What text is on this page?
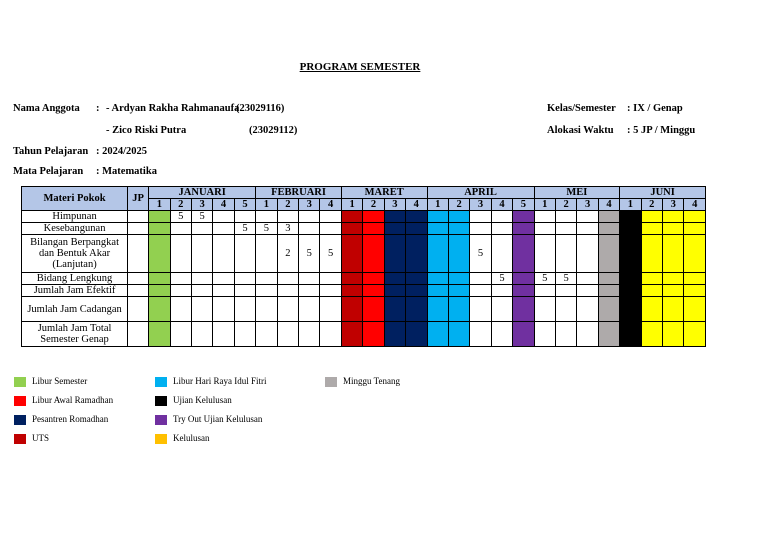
PROGRAM SEMESTER
Nama Anggota : - Ardyan Rakha Rahmanaufa
(23029116)
- Zico Riski Putra	(23029112)
Tahun Pelajaran : 2024/2025
Mata Pelajaran : Matematika
Kelas/Semester : IX / Genap
Alokasi Waktu : 5 JP / Minggu
Materi Pokok	JP	JANUARI					FEBRUARI				MARET				APRIL					MEI				JUNI			
		1	2	3	4	5	1	2	3	4	1	2	3	4	1	2	3	4	5	1	2	3	4	1	2	3	4
Himpunan			5	5																							
Kesebangunan						5	5	3																			
Bilangan Berpangkat dan Bentuk Akar (Lanjutan)								2	5	5							5										
Bidang Lengkung																		5		5	5						
Jumlah Jam Efektif																											
Jumlah Jam Cadangan																											
Jumlah Jam Total Semester Genap																											
Libur Semester
Libur Awal Ramadhan
Pesantren Romadhan
UTS
Libur Hari Raya Idul Fitri
Ujian Kelulusan
Try Out Ujian Kelulusan
Kelulusan
Minggu Tenang
